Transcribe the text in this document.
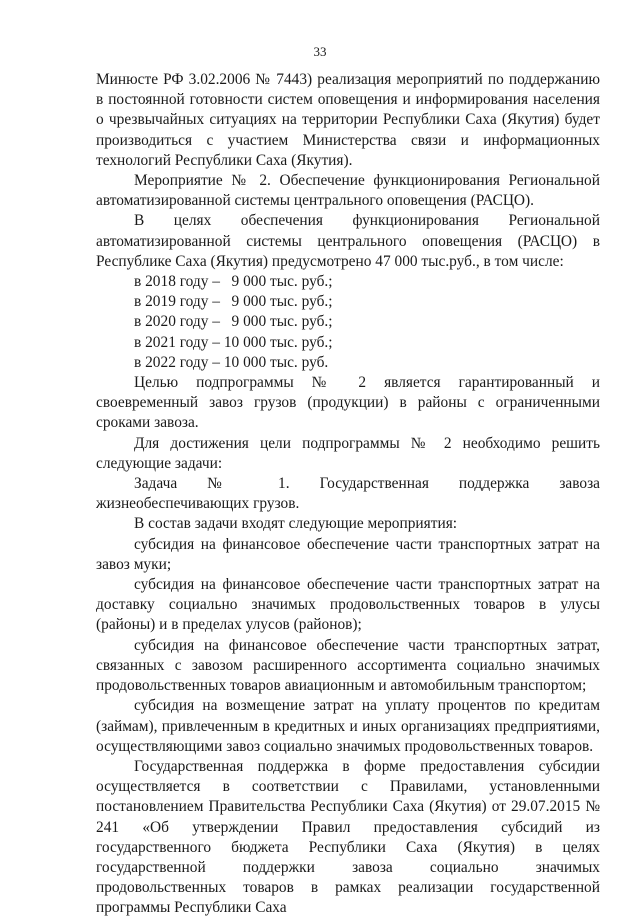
33

Минюсте РФ 3.02.2006 № 7443) реализация мероприятий по поддержанию в постоянной готовности систем оповещения и информирования населения о чрезвычайных ситуациях на территории Республики Саха (Якутия) будет производиться с участием Министерства связи и информационных технологий Республики Саха (Якутия).

Мероприятие № 2. Обеспечение функционирования Региональной автоматизированной системы центрального оповещения (РАСЦО).

В целях обеспечения функционирования Региональной автоматизированной системы центрального оповещения (РАСЦО) в Республике Саха (Якутия) предусмотрено 47 000 тыс.руб., в том числе:

в 2018 году –   9 000 тыс. руб.;
в 2019 году –   9 000 тыс. руб.;
в 2020 году –   9 000 тыс. руб.;
в 2021 году – 10 000 тыс. руб.;
в 2022 году – 10 000 тыс. руб.

Целью подпрограммы № 2 является гарантированный и своевременный завоз грузов (продукции) в районы с ограниченными сроками завоза.

Для достижения цели подпрограммы № 2 необходимо решить следующие задачи:

Задача № 1. Государственная поддержка завоза жизнеобеспечивающих грузов.

В состав задачи входят следующие мероприятия:

субсидия на финансовое обеспечение части транспортных затрат на завоз муки;

субсидия на финансовое обеспечение части транспортных затрат на доставку социально значимых продовольственных товаров в улусы (районы) и в пределах улусов (районов);

субсидия на финансовое обеспечение части транспортных затрат, связанных с завозом расширенного ассортимента социально значимых продовольственных товаров авиационным и автомобильным транспортом;

субсидия на возмещение затрат на уплату процентов по кредитам (займам), привлеченным в кредитных и иных организациях предприятиями, осуществляющими завоз социально значимых продовольственных товаров.

Государственная поддержка в форме предоставления субсидии осуществляется в соответствии с Правилами, установленными постановлением Правительства Республики Саха (Якутия) от 29.07.2015 № 241 «Об утверждении Правил предоставления субсидий из государственного бюджета Республики Саха (Якутия) в целях государственной поддержки завоза социально значимых продовольственных товаров в рамках реализации государственной программы Республики Саха
